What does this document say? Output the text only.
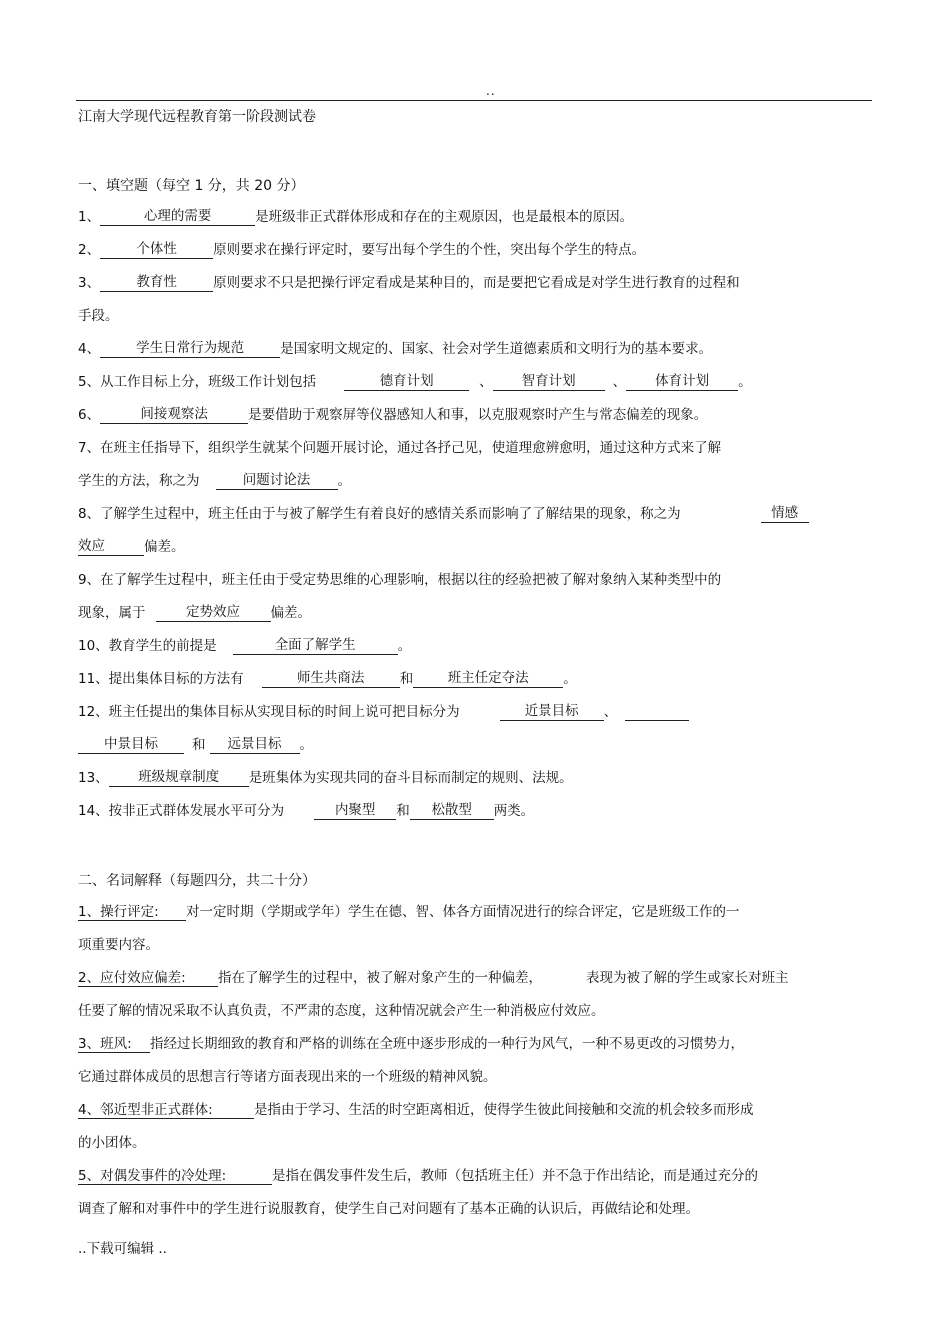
..
江南大学现代远程教育第一阶段测试卷
一、填空题（每空 1 分，共 20 分）
1、	心理的需要	是班级非正式群体形成和存在的主观原因，也是最根本的原因。
2、	个体性	原则要求在操行评定时，要写出每个学生的个性，突出每个学生的特点。
3、	教育性	原则要求不只是把操行评定看成是某种目的，而是要把它看成是对学生进行教育的过程和
手段。
4、	学生日常行为规范	是国家明文规定的、国家、社会对学生道德素质和文明行为的基本要求。
5、从工作目标上分，班级工作计划包括	德育计划	、 智育计划	、 体育计划 。
6、	间接观察法	是要借助于观察屏等仪器感知人和事，以克服观察时产生与常态偏差的现象。
7、在班主任指导下，组织学生就某个问题开展讨论，通过各抒己见，使道理愈辨愈明，通过这种方式来了解
学生的方法，称之为	问题讨论法 。
8、了解学生过程中，班主任由于与被了解学生有着良好的感情关系而影响了了解结果的现象，称之为	情感
效应	偏差。
9、在了解学生过程中，班主任由于受定势思维的心理影响，根据以往的经验把被了解对象纳入某种类型中的
现象，属于	定势效应 偏差。
10、教育学生的前提是	全面了解学生	。
11、提出集体目标的方法有	师生共商法	和	班主任定夺法	。
12、班主任提出的集体目标从实现目标的时间上说可把目标分为	近景目标 、
中景目标	和 远景目标 。
13、 班级规章制度 是班集体为实现共同的奋斗目标而制定的规则、法规。
14、按非正式群体发展水平可分为	内聚型 和 松散型 两类。
二、名词解释（每题四分，共二十分）
1、操行评定: 对一定时期（学期或学年）学生在德、智、体各方面情况进行的综合评定，它是班级工作的一
项重要内容。
2、应付效应偏差: 指在了解学生的过程中，被了解对象产生的一种偏差，	表现为被了解的学生或家长对班主
任要了解的情况采取不认真负责，不严肃的态度，这种情况就会产生一种消极应付效应。
3、班风: 指经过长期细致的教育和严格的训练在全班中逐步形成的一种行为风气，一种不易更改的习惯势力，
它通过群体成员的思想言行等诸方面表现出来的一个班级的精神风貌。
4、邻近型非正式群体:	是指由于学习、生活的时空距离相近，使得学生彼此间接触和交流的机会较多而形成
的小团体。
5、对偶发事件的冷处理:	是指在偶发事件发生后，教师（包括班主任）并不急于作出结论，而是通过充分的
调查了解和对事件中的学生进行说服教育，使学生自己对问题有了基本正确的认识后，再做结论和处理。
..下载可编辑 ..
